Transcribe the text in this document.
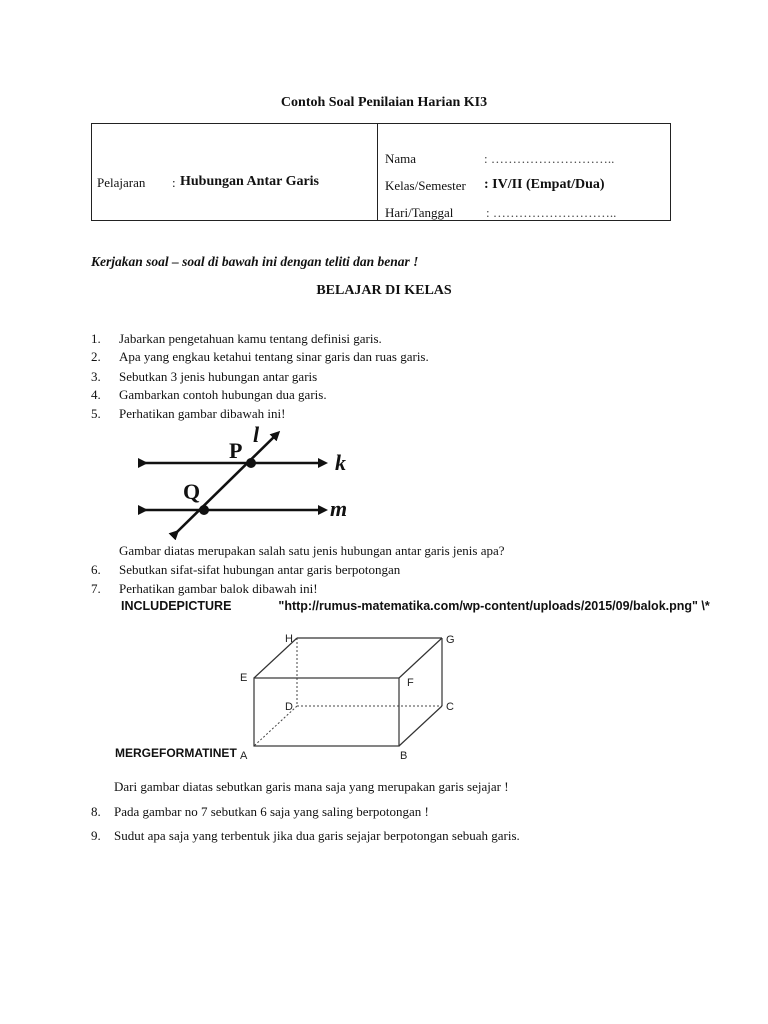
Contoh Soal Penilaian Harian KI3
Pelajaran : Hubungan Antar Garis
Nama	: ………………………..
Kelas/Semester : IV/II (Empat/Dua)
Hari/Tanggal	: ………………………..
Kerjakan soal – soal di bawah ini dengan teliti dan benar !
BELAJAR DI KELAS
1. Jabarkan pengetahuan kamu tentang definisi garis.
2. Apa yang engkau ketahui tentang sinar garis dan ruas garis.
3. Sebutkan 3 jenis hubungan antar garis
4. Gambarkan contoh hubungan dua garis.
5. Perhatikan gambar dibawah ini!
P
Q
l
k
m
Gambar diatas merupakan salah satu jenis hubungan antar garis jenis apa?
6. Sebutkan sifat-sifat hubungan antar garis berpotongan
7. Perhatikan gambar balok dibawah ini!
INCLUDEPICTURE	"http://rumus-matematika.com/wp-content/uploads/2015/09/balok.png" \*
H	G
E	F
D	C
A	B
MERGEFORMATINET
Dari gambar diatas sebutkan garis mana saja yang merupakan garis sejajar !
8. Pada gambar no 7 sebutkan 6 saja yang saling berpotongan !
9. Sudut apa saja yang terbentuk jika dua garis sejajar berpotongan sebuah garis.
